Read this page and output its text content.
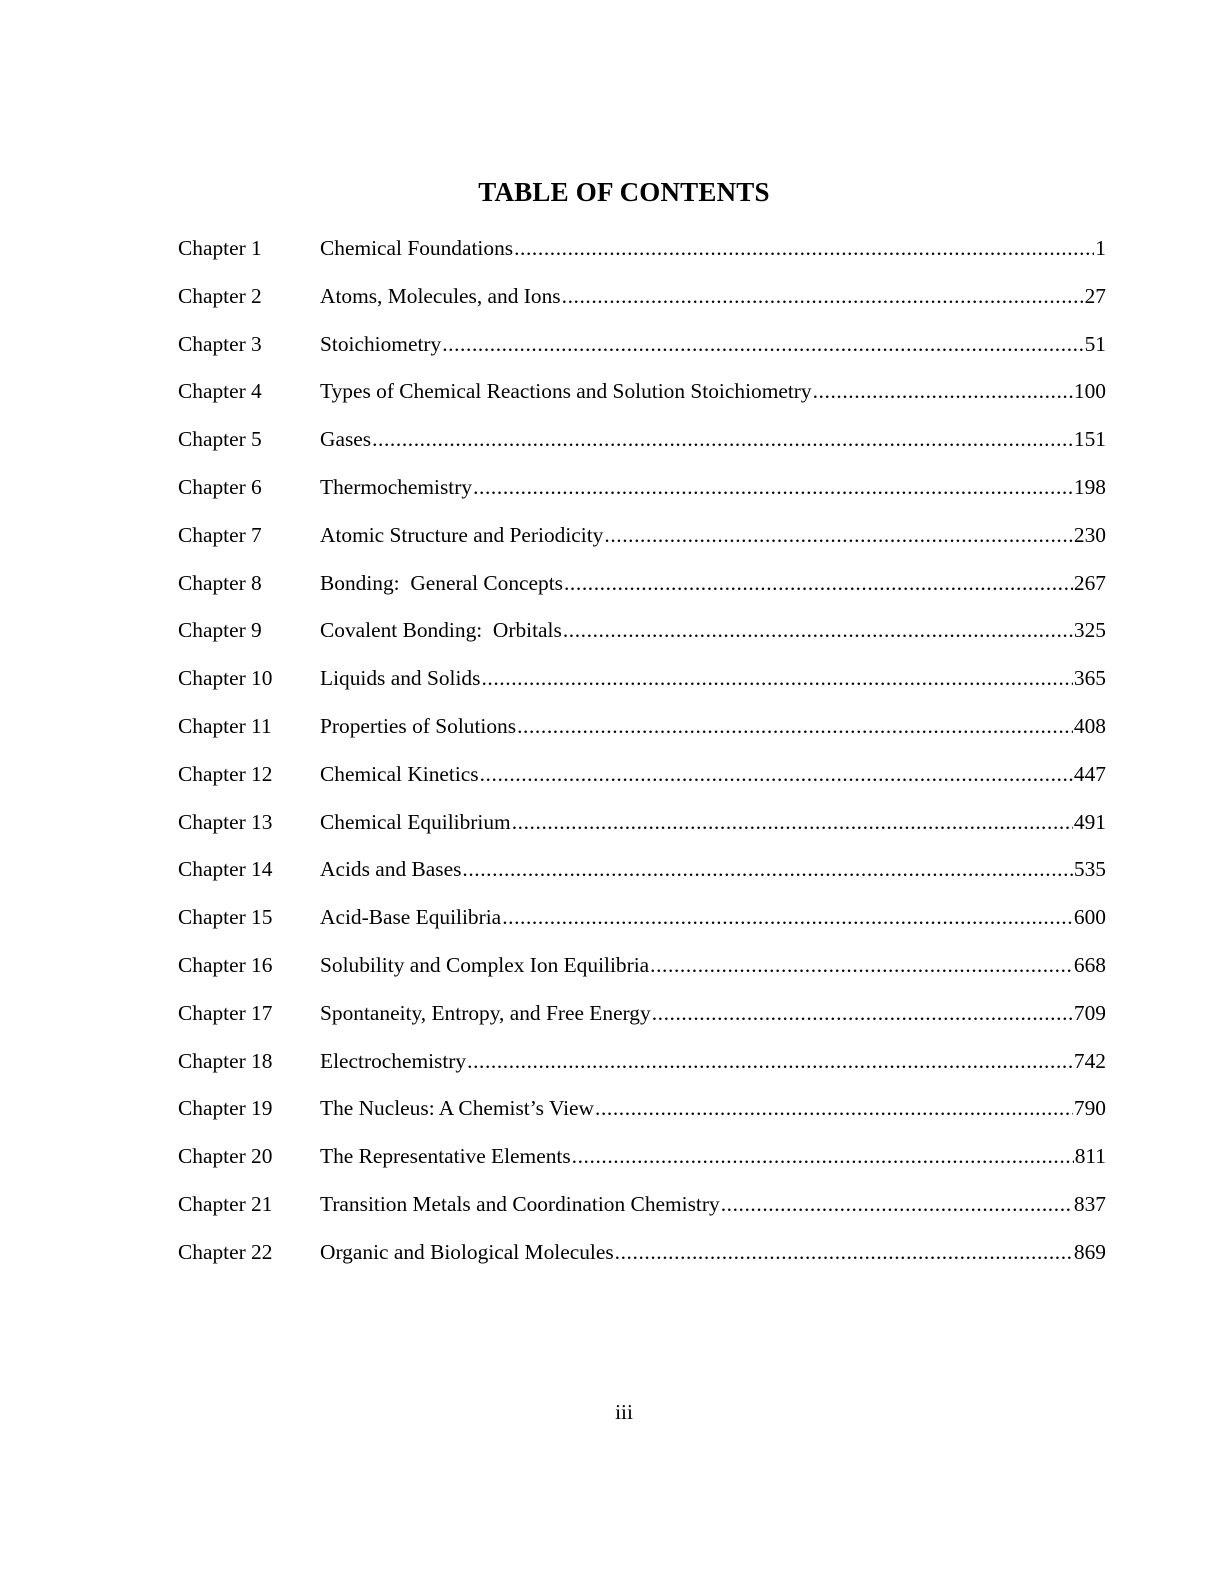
TABLE OF CONTENTS
Chapter 1	Chemical Foundations .....	1
Chapter 2	Atoms, Molecules, and Ions .....	27
Chapter 3	Stoichiometry .....	51
Chapter 4	Types of Chemical Reactions and Solution Stoichiometry .....	100
Chapter 5	Gases .....	151
Chapter 6	Thermochemistry .....	198
Chapter 7	Atomic Structure and Periodicity .....	230
Chapter 8	Bonding:  General Concepts .....	267
Chapter 9	Covalent Bonding:  Orbitals .....	325
Chapter 10	Liquids and Solids .....	365
Chapter 11	Properties of Solutions .....	408
Chapter 12	Chemical Kinetics .....	447
Chapter 13	Chemical Equilibrium .....	491
Chapter 14	Acids and Bases .....	535
Chapter 15	Acid-Base Equilibria .....	600
Chapter 16	Solubility and Complex Ion Equilibria .....	668
Chapter 17	Spontaneity, Entropy, and Free Energy .....	709
Chapter 18	Electrochemistry .....	742
Chapter 19	The Nucleus: A Chemist’s View .....	790
Chapter 20	The Representative Elements .....	811
Chapter 21	Transition Metals and Coordination Chemistry .....	837
Chapter 22	Organic and Biological Molecules .....	869
iii
